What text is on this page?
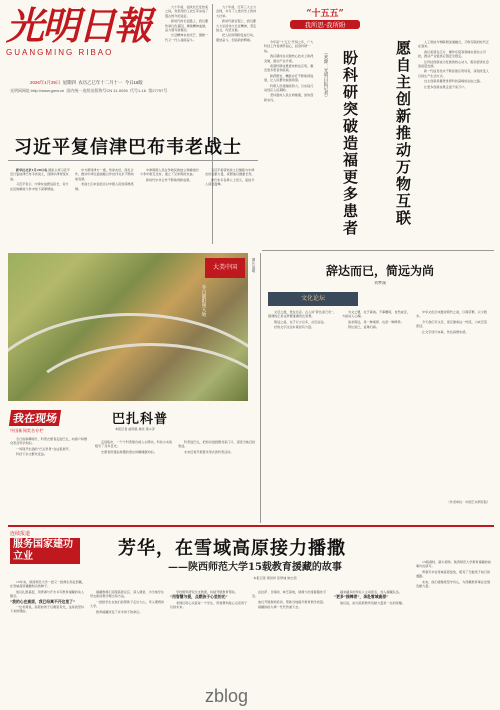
光明日報
GUANGMING RIBAO
2026年1月29日 星期四 农历乙巳年十二月十一 今日16版
光明网网址:http://www.gmw.cn 国内统一连续出版物号CN 11-0026 代号1-16 第27757号

九十年前，在陕北长征结束之际，党领导的工农红军完成了震古烁今的远征。

新时代的长征路上，我们要传承红色基因，赓续精神血脉，奋力谱写新篇章。

长征精神永放光芒，激励一代又一代人接续奋斗。

九十年前，红军三大主力会师，书写了人类历史上的伟大壮举。

新时代新征程上，我们要大力弘扬伟大长征精神，坚定信念，攻坚克难。

把人民的期盼变成行动，团结奋斗，创造新的辉煌。

“十五五”
我所思·我所盼
盼科研突破造福更多患者
（来源：光明日报记者）	愿自主创新推动万物互联

今年是“十五五”开局之年，广大科技工作者满怀信心，投身科研一线。

我们期待在关键核心技术上取得突破，推动产业升级。

希望科研成果更快转化应用，惠及更多患者和家庭。

新药研发、精准诊疗不断取得进展，让人民群众看到希望。

科研人员将继续努力，以实际行动回应人民期盼。

坚持面向人民生命健康，加快创新步伐。

人工智能与物联网加速融合，万物互联的时代正在到来。

我们希望在芯片、操作系统等领域实现自主可控，推动产业链供应链安全稳定。

让科技创新成为发展的核心动力，服务经济社会高质量发展。

新一代信息技术不断拓展应用场景，深刻改变人们的生产生活方式。

自主创新是攀登世界科技高峰的必由之路。

让更多创新成果走进千家万户。

习近平复信津巴布韦老战士

新华社北京1月28日电 国家主席习近平近日复信津巴布韦老战士，回顾中津传统友谊。

习近平表示，中津友谊源远流长，双方在民族解放斗争中结下深厚情谊。

中方愿同津方一道，传承友好，深化合作，推动中津全面战略合作伙伴关系不断向前发展。

老战士们来信表达对中国人民的深厚感情。

中津两国人民在争取民族独立和解放的斗争中相互支持，建立了兄弟般的友谊。

新时代中非合作不断取得新成果。

习近平希望老战士们继续为中津友好贡献力量，祝愿他们健康长寿。

津巴布韦各界人士表示，复信令人深受鼓舞。

大美中国
冬日暖阳照大地
图片说明
我在现场
中国新闻奖名专栏

冬日的新疆喀什，科普志愿者走进巴扎，向商户和群众普及科学知识。

一场别开生面的“巴扎科普”在这里展开。

科技下乡让群众受益。

巴扎科普
本报记者 赵明昊 姚亮 黄小萍

走进集市，一个个科普展台前人头攒动，科技小实验吸引了众多目光。

志愿者用通俗易懂的语言讲解健康知识。

科普进巴扎，把知识送到群众家门口，深受当地百姓欢迎。

未来还将开展更多形式的科普活动。

辞达而已，简远为尚
刘梦溪
文化论坛

文章之道，贵在达意。古人讲“辞达而已矣”，强调的正是言辞要准确表达思想。

简远之美，在于以少总多，言近旨远。

好的文字往往朴素而有力量。

为文之要，在于真诚。不事雕琢，自然成章，方能动人心魄。

追求简远，是一种境界，也是一种修养。

辞达而已，返璞归真。

中华文化历来推崇简约之美，以简驭繁，以少胜多。

今天我们写文章，更应继承这一传统，力戒空话套话。

让文字回归本真，传达真情实感。

（作者单位：中国艺术研究院）
连续报道
服务国家建功立业	芳华，在雪域高原接力播撒
——陕西师范大学15载教育援藏的故事
本报记者 周世祥 张梦迪 姚志茹

15年来，陕西师范大学一批又一批师生奔赴西藏，在雪域高原播撒知识的种子。

他们扎根基层，用青春与汗水书写教育援藏的动人篇章。

“我的心在高原，我已经离不开这里了”

一位老师说，高原的孩子们眼里有光，这是我坚持下来的理由。

援藏教师们克服高原反应，深入课堂，为当地学生带去新的教学理念和方法。

一批批学生在他们的帮助下走出大山，考入理想的大学。

教育援藏改变了许多孩子的命运。

学校组织研究生支教团，持续开展教育帮扶。

“用智慧与爱，点燃孩子心里的光”

老师们用心关爱每一个学生，用智慧和爱心点亮孩子们的未来。

在拉萨、日喀则、林芝等地，陕师大的身影随处可见。

他们开展教师培训，帮助当地提升教育教学质量。

援藏的接力棒一代代传递下去。

越来越多的年轻人主动报名，加入援藏队伍。

“更多“接棒者”，奔赴雪域高原”

他们说，能为高原教育贡献力量是一生的荣耀。

15载春秋，薪火相传。陕西师范大学教育援藏的故事仍在续写。

青春芳华在雪域高原绽放，照亮了无数孩子前行的道路。

未来，他们将继续坚守初心，为西藏教育事业发展贡献力量。

zblog
